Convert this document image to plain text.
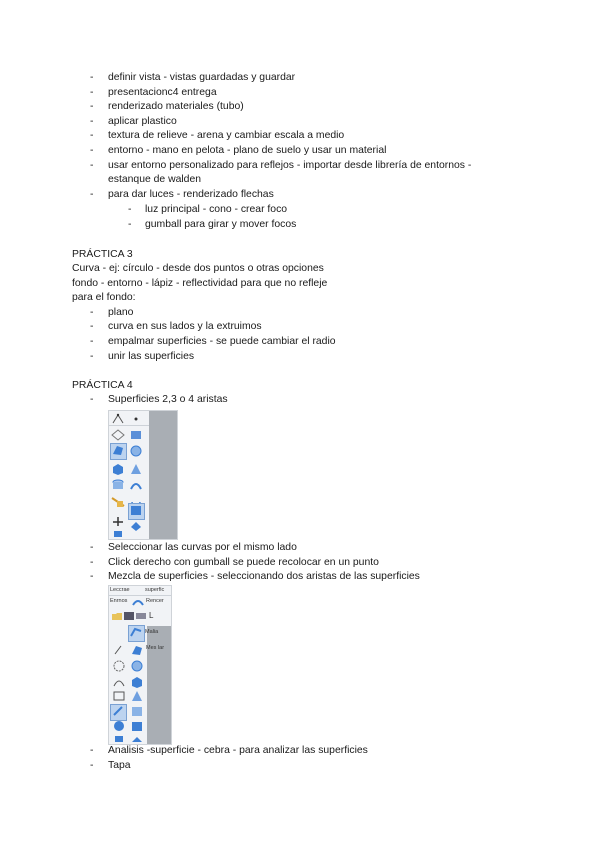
- definir vista - vistas guardadas y guardar
- presentacionc4 entrega
- renderizado materiales (tubo)
- aplicar plastico
- textura de relieve - arena y cambiar escala a medio
- entorno - mano en pelota - plano de suelo y usar un material
- usar entorno personalizado para reflejos - importar desde librería de entornos -
estanque de walden
- para dar luces - renderizado flechas
- luz principal - cono - crear foco
- gumball para girar y mover focos
PRÁCTICA 3
Curva - ej: círculo - desde dos puntos o otras opciones
fondo - entorno - lápiz - reflectividad para que no refleje
para el fondo:
- plano
- curva en sus lados y la extruimos
- empalmar superficies - se puede cambiar el radio
- unir las superficies
PRÁCTICA 4
- Superficies 2,3 o 4 aristas
- Seleccionar las curvas por el mismo lado
- Click derecho con gumball se puede recolocar en un punto
- Mezcla de superficies - seleccionando dos aristas de las superficies
Leccrae	superfic
Enrnos	Rencer
L
Malia
Mes lar
- Analisis -superficie - cebra - para analizar las superficies
- Tapa
